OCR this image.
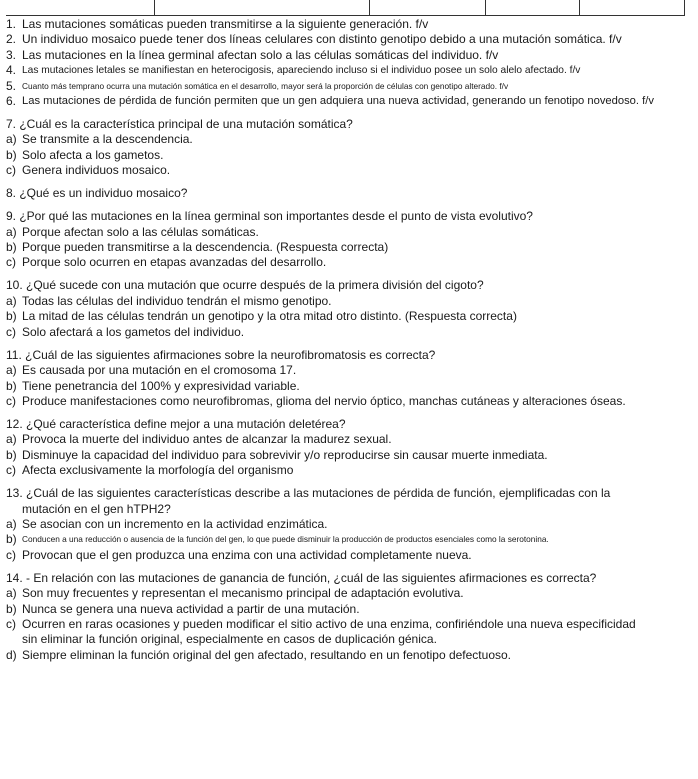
1. Las mutaciones somáticas pueden transmitirse a la siguiente generación. f/v
2. Un individuo mosaico puede tener dos líneas celulares con distinto genotipo debido a una mutación somática. f/v
3. Las mutaciones en la línea germinal afectan solo a las células somáticas del individuo. f/v
4. Las mutaciones letales se manifiestan en heterocigosis, apareciendo incluso si el individuo posee un solo alelo afectado. f/v
5. Cuanto más temprano ocurra una mutación somática en el desarrollo, mayor será la proporción de células con genotipo alterado. f/v
6. Las mutaciones de pérdida de función permiten que un gen adquiera una nueva actividad, generando un fenotipo novedoso. f/v
7. ¿Cuál es la característica principal de una mutación somática?
a) Se transmite a la descendencia.
b) Solo afecta a los gametos.
c) Genera individuos mosaico.
8. ¿Qué es un individuo mosaico?
9. ¿Por qué las mutaciones en la línea germinal son importantes desde el punto de vista evolutivo?
a) Porque afectan solo a las células somáticas.
b) Porque pueden transmitirse a la descendencia. (Respuesta correcta)
c) Porque solo ocurren en etapas avanzadas del desarrollo.
10. ¿Qué sucede con una mutación que ocurre después de la primera división del cigoto?
a) Todas las células del individuo tendrán el mismo genotipo.
b) La mitad de las células tendrán un genotipo y la otra mitad otro distinto. (Respuesta correcta)
c) Solo afectará a los gametos del individuo.
11. ¿Cuál de las siguientes afirmaciones sobre la neurofibromatosis es correcta?
a) Es causada por una mutación en el cromosoma 17.
b) Tiene penetrancia del 100% y expresividad variable.
c) Produce manifestaciones como neurofibromas, glioma del nervio óptico, manchas cutáneas y alteraciones óseas.
12. ¿Qué característica define mejor a una mutación deletérea?
a) Provoca la muerte del individuo antes de alcanzar la madurez sexual.
b) Disminuye la capacidad del individuo para sobrevivir y/o reproducirse sin causar muerte inmediata.
c) Afecta exclusivamente la morfología del organismo
13. ¿Cuál de las siguientes características describe a las mutaciones de pérdida de función, ejemplificadas con la
mutación en el gen hTPH2?
a) Se asocian con un incremento en la actividad enzimática.
b) Conducen a una reducción o ausencia de la función del gen, lo que puede disminuir la producción de productos esenciales como la serotonina.
c) Provocan que el gen produzca una enzima con una actividad completamente nueva.
14. - En relación con las mutaciones de ganancia de función, ¿cuál de las siguientes afirmaciones es correcta?
a) Son muy frecuentes y representan el mecanismo principal de adaptación evolutiva.
b) Nunca se genera una nueva actividad a partir de una mutación.
c) Ocurren en raras ocasiones y pueden modificar el sitio activo de una enzima, confiriéndole una nueva especificidad
sin eliminar la función original, especialmente en casos de duplicación génica.
d) Siempre eliminan la función original del gen afectado, resultando en un fenotipo defectuoso.
